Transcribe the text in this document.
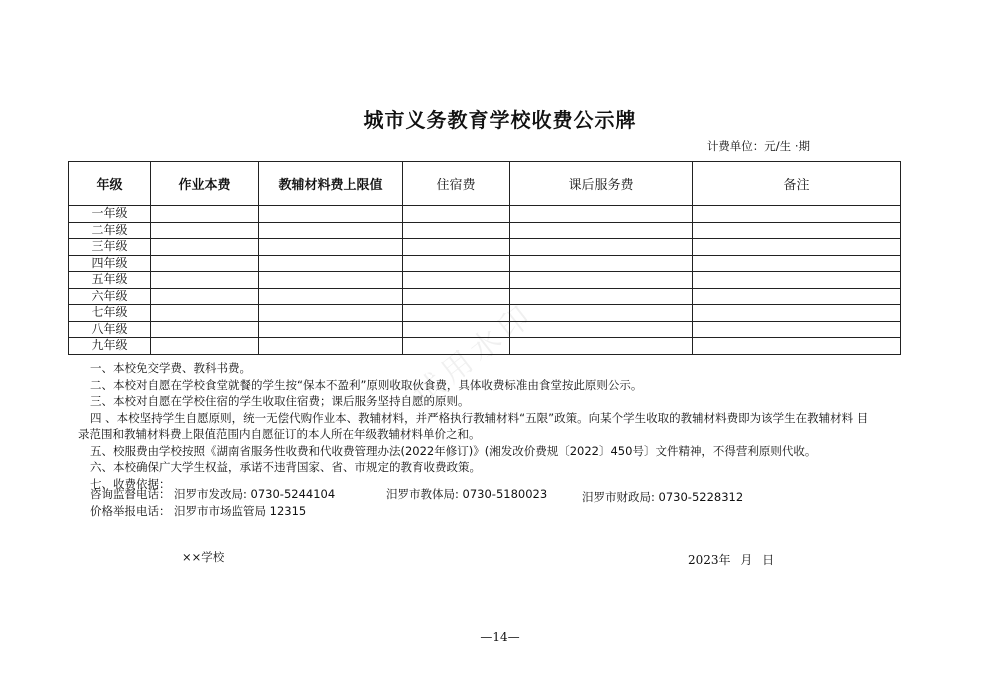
城市义务教育学校收费公示牌
计费单位：元/生 ·期
试用水印
年级	作业本费	教辅材料费上限值	住宿费	课后服务费	备注
一年级					
二年级					
三年级					
四年级					
五年级					
六年级					
七年级					
八年级					
九年级					

一、本校免交学费、教科书费。

二、本校对自愿在学校食堂就餐的学生按“保本不盈利”原则收取伙食费，具体收费标准由食堂按此原则公示。

三、本校对自愿在学校住宿的学生收取住宿费；课后服务坚持自愿的原则。

四 、本校坚持学生自愿原则，统一无偿代购作业本、教辅材料，并严格执行教辅材料“五限”政策。向某个学生收取的教辅材料费即为该学生在教辅材料 目

录范围和教辅材料费上限值范围内自愿征订的本人所在年级教辅材料单价之和。

五、校服费由学校按照《湖南省服务性收费和代收费管理办法(2022年修订)》(湘发改价费规〔2022〕450号〕文件精神，不得营利原则代收。

六、本校确保广大学生权益，承诺不违背国家、省、市规定的教育收费政策。

七、收费依据：

咨询监督电话： 汨罗市发改局: 0730-5244104	汨罗市教体局: 0730-5180023	汨罗市财政局: 0730-5228312
价格举报电话： 汨罗市市场监管局 12315
××学校	2023年 月 日
—14—
